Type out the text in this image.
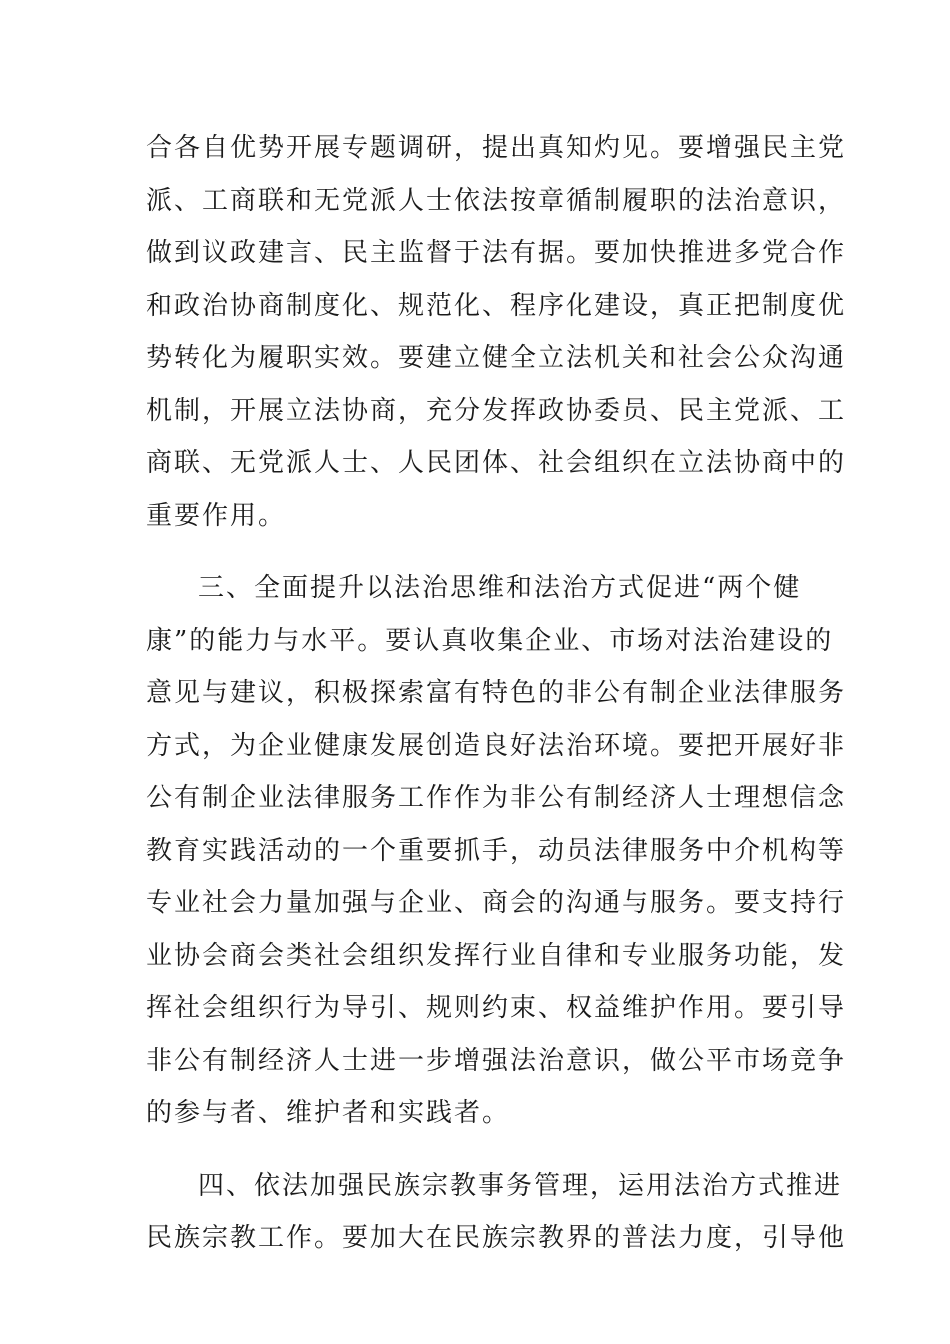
合各自优势开展专题调研，提出真知灼见。要增强民主党
派、工商联和无党派人士依法按章循制履职的法治意识，
做到议政建言、民主监督于法有据。要加快推进多党合作
和政治协商制度化、规范化、程序化建设，真正把制度优
势转化为履职实效。要建立健全立法机关和社会公众沟通
机制，开展立法协商，充分发挥政协委员、民主党派、工
商联、无党派人士、人民团体、社会组织在立法协商中的
重要作用。
三、全面提升以法治思维和法治方式促进“两个健
康”的能力与水平。要认真收集企业、市场对法治建设的
意见与建议，积极探索富有特色的非公有制企业法律服务
方式，为企业健康发展创造良好法治环境。要把开展好非
公有制企业法律服务工作作为非公有制经济人士理想信念
教育实践活动的一个重要抓手，动员法律服务中介机构等
专业社会力量加强与企业、商会的沟通与服务。要支持行
业协会商会类社会组织发挥行业自律和专业服务功能，发
挥社会组织行为导引、规则约束、权益维护作用。要引导
非公有制经济人士进一步增强法治意识，做公平市场竞争
的参与者、维护者和实践者。
四、依法加强民族宗教事务管理，运用法治方式推进
民族宗教工作。要加大在民族宗教界的普法力度，引导他
